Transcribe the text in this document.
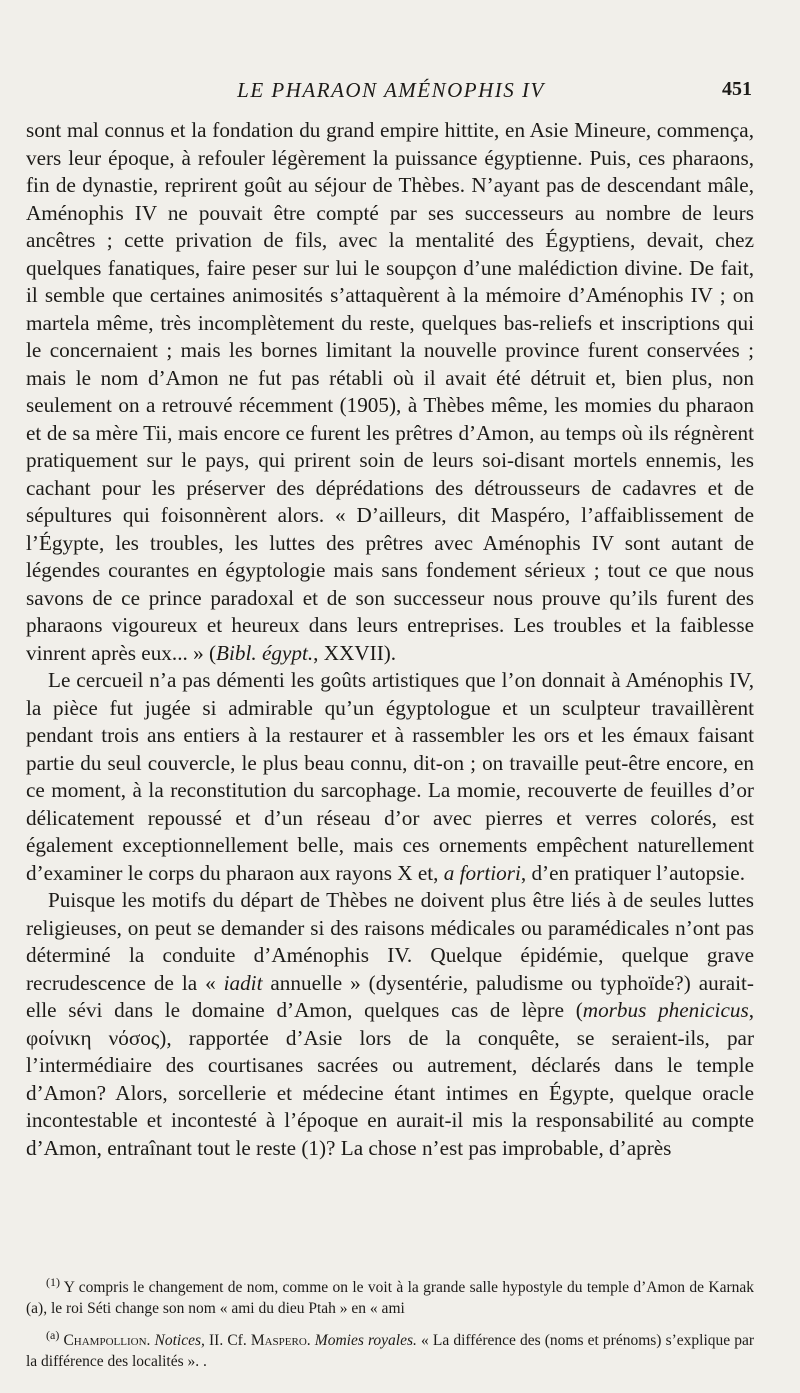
LE PHARAON AMÉNOPHIS IV	451

sont mal connus et la fondation du grand empire hittite, en Asie Mineure, commença, vers leur époque, à refouler légèrement la puissance égyptienne. Puis, ces pharaons, fin de dynastie, reprirent goût au séjour de Thèbes. N’ayant pas de descendant mâle, Aménophis IV ne pouvait être compté par ses successeurs au nombre de leurs ancêtres ; cette privation de fils, avec la mentalité des Égyptiens, devait, chez quelques fanatiques, faire peser sur lui le soupçon d’une malédiction divine. De fait, il semble que certaines animosités s’attaquèrent à la mémoire d’Aménophis IV ; on martela même, très incomplètement du reste, quelques bas-reliefs et inscriptions qui le concernaient ; mais les bornes limitant la nouvelle province furent conservées ; mais le nom d’Amon ne fut pas rétabli où il avait été détruit et, bien plus, non seulement on a retrouvé récemment (1905), à Thèbes même, les momies du pharaon et de sa mère Tii, mais encore ce furent les prêtres d’Amon, au temps où ils régnèrent pratiquement sur le pays, qui prirent soin de leurs soi-disant mortels ennemis, les cachant pour les préserver des déprédations des détrousseurs de cadavres et de sépultures qui foisonnèrent alors. « D’ailleurs, dit Maspéro, l’affaiblissement de l’Égypte, les troubles, les luttes des prêtres avec Aménophis IV sont autant de légendes courantes en égyptologie mais sans fondement sérieux ; tout ce que nous savons de ce prince paradoxal et de son successeur nous prouve qu’ils furent des pharaons vigoureux et heureux dans leurs entreprises. Les troubles et la faiblesse vinrent après eux... » (Bibl. égypt., XXVII).

Le cercueil n’a pas démenti les goûts artistiques que l’on donnait à Aménophis IV, la pièce fut jugée si admirable qu’un égyptologue et un sculpteur travaillèrent pendant trois ans entiers à la restaurer et à rassembler les ors et les émaux faisant partie du seul couvercle, le plus beau connu, dit-on ; on travaille peut-être encore, en ce moment, à la reconstitution du sarcophage. La momie, recouverte de feuilles d’or délicatement repoussé et d’un réseau d’or avec pierres et verres colorés, est également exceptionnellement belle, mais ces ornements empêchent naturellement d’examiner le corps du pharaon aux rayons X et, a fortiori, d’en pratiquer l’autopsie.

Puisque les motifs du départ de Thèbes ne doivent plus être liés à de seules luttes religieuses, on peut se demander si des raisons médicales ou paramédicales n’ont pas déterminé la conduite d’Aménophis IV. Quelque épidémie, quelque grave recrudescence de la « iadit annuelle » (dysentérie, paludisme ou typhoïde?) aurait-elle sévi dans le domaine d’Amon, quelques cas de lèpre (morbus phenicicus, φοίνικη νόσος), rapportée d’Asie lors de la conquête, se seraient-ils, par l’intermédiaire des courtisanes sacrées ou autrement, déclarés dans le temple d’Amon? Alors, sorcellerie et médecine étant intimes en Égypte, quelque oracle incontestable et incontesté à l’époque en aurait-il mis la responsabilité au compte d’Amon, entraînant tout le reste (1)? La chose n’est pas improbable, d’après

$^{(1)}$ Y compris le changement de nom, comme on le voit à la grande salle hypostyle du temple d’Amon de Karnak (a), le roi Séti change son nom « ami du dieu Ptah » en « ami

$^{(a)}$ Champollion. Notices, II. Cf. Maspero. Momies royales. « La différence des (noms et prénoms) s’explique par la différence des localités ». .
